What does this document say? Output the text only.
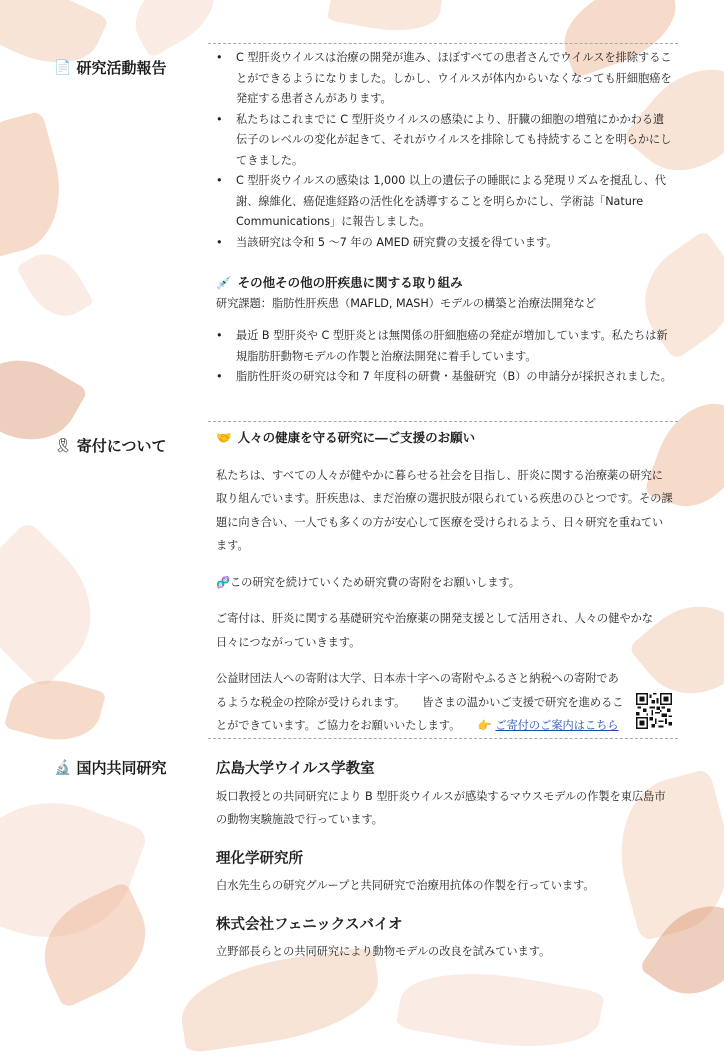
📄 研究活動報告
• C 型肝炎ウイルスは治療の開発が進み、ほぼすべての患者さんでウイルスを排除することができるようになりました。しかし、ウイルスが体内からいなくなっても肝細胞癌を発症する患者さんがあります。
• 私たちはこれまでに C 型肝炎ウイルスの感染により、肝臓の細胞の増殖にかかわる遺伝子のレベルの変化が起きて、それがウイルスを排除しても持続することを明らかにしてきました。
• C 型肝炎ウイルスの感染は 1,000 以上の遺伝子の睡眠による発現リズムを撹乱し、代謝、線維化、癌促進経路の活性化を誘導することを明らかにし、学術誌「Nature Communications」に報告しました。
• 当該研究は令和 5 ～7 年の AMED 研究費の支援を得ています。
💉 その他その他の肝疾患に関する取り組み

研究課題：脂肪性肝疾患（MAFLD, MASH）モデルの構築と治療法開発など

• 最近 B 型肝炎や C 型肝炎とは無関係の肝細胞癌の発症が増加しています。私たちは新規脂肪肝動物モデルの作製と治療法開発に着手しています。
• 脂肪性肝炎の研究は令和 7 年度科の研費・基盤研究（B）の申請分が採択されました。
🎗 寄付について	🤝 人々の健康を守る研究に―ご支援のお願い

私たちは、すべての人々が健やかに暮らせる社会を目指し、肝炎に関する治療薬の研究に取り組んでいます。肝疾患は、まだ治療の選択肢が限られている疾患のひとつです。その課題に向き合い、一人でも多くの方が安心して医療を受けられるよう、日々研究を重ねています。

🧬この研究を続けていくため研究費の寄附をお願いします。

ご寄付は、肝炎に関する基礎研究や治療薬の開発支援として活用され、人々の健やかな日々につながっていきます。

公益財団法人への寄附は大学、日本赤十字への寄附やふるさと納税への寄附であるような税金の控除が受けられます。　　皆さまの温かいご支援で研究を進めることができています。ご協力をお願いいたします。 👉 ご寄付のご案内はこちら

🔬 国内共同研究	広島大学ウイルス学教室

坂口教授との共同研究により B 型肝炎ウイルスが感染するマウスモデルの作製を東広島市の動物実験施設で行っています。

理化学研究所

白水先生らの研究グループと共同研究で治療用抗体の作製を行っています。

株式会社フェニックスバイオ

立野部長らとの共同研究により動物モデルの改良を試みています。
